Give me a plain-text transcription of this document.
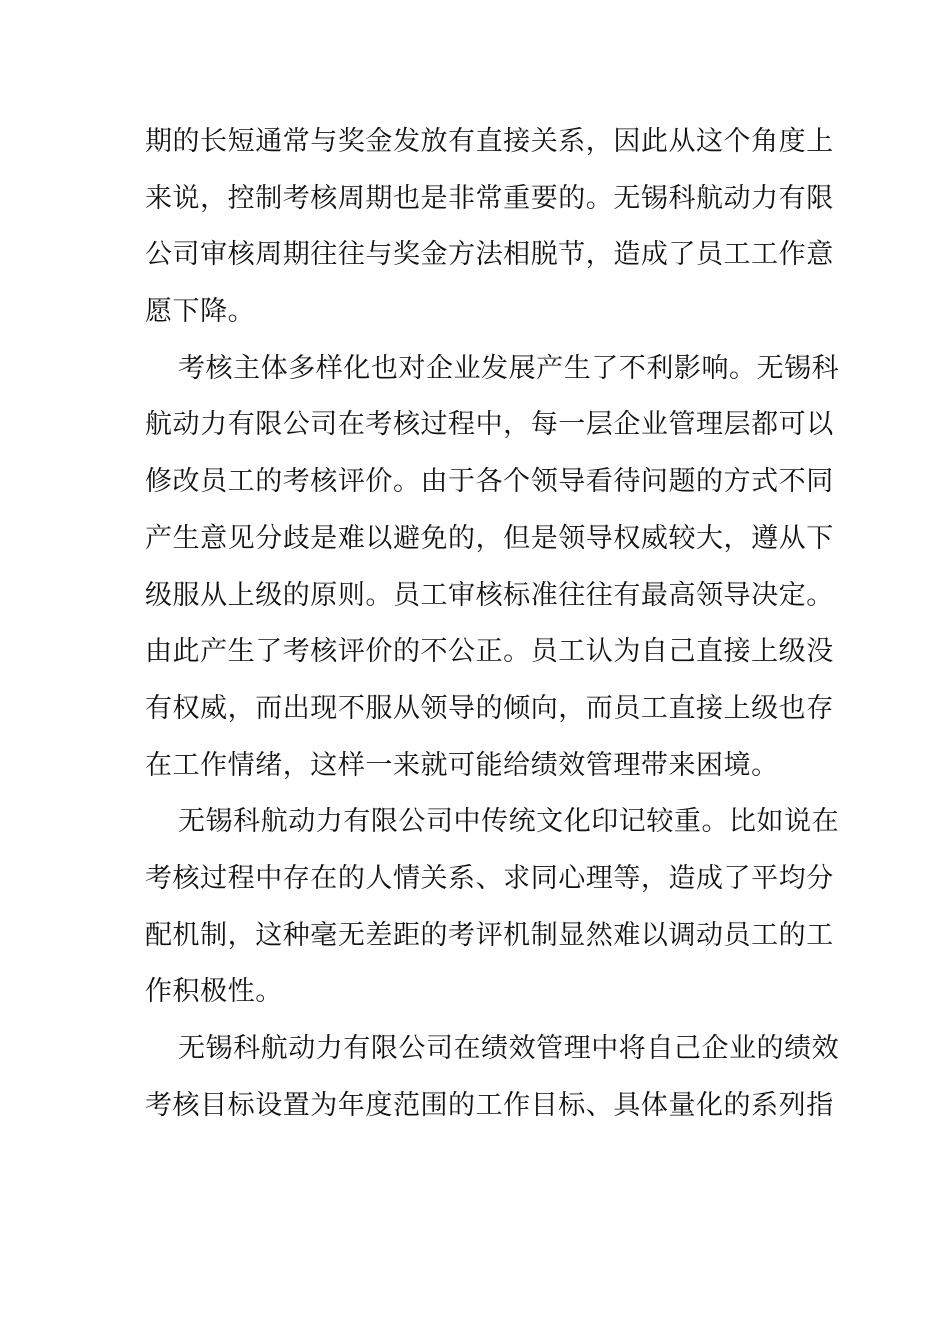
期的长短通常与奖金发放有直接关系，因此从这个角度上
来说，控制考核周期也是非常重要的。无锡科航动力有限
公司审核周期往往与奖金方法相脱节，造成了员工工作意
愿下降。
考核主体多样化也对企业发展产生了不利影响。无锡科
航动力有限公司在考核过程中，每一层企业管理层都可以
修改员工的考核评价。由于各个领导看待问题的方式不同
产生意见分歧是难以避免的，但是领导权威较大，遵从下
级服从上级的原则。员工审核标准往往有最高领导决定。
由此产生了考核评价的不公正。员工认为自己直接上级没
有权威，而出现不服从领导的倾向，而员工直接上级也存
在工作情绪，这样一来就可能给绩效管理带来困境。
无锡科航动力有限公司中传统文化印记较重。比如说在
考核过程中存在的人情关系、求同心理等，造成了平均分
配机制，这种毫无差距的考评机制显然难以调动员工的工
作积极性。
无锡科航动力有限公司在绩效管理中将自己企业的绩效
考核目标设置为年度范围的工作目标、具体量化的系列指
